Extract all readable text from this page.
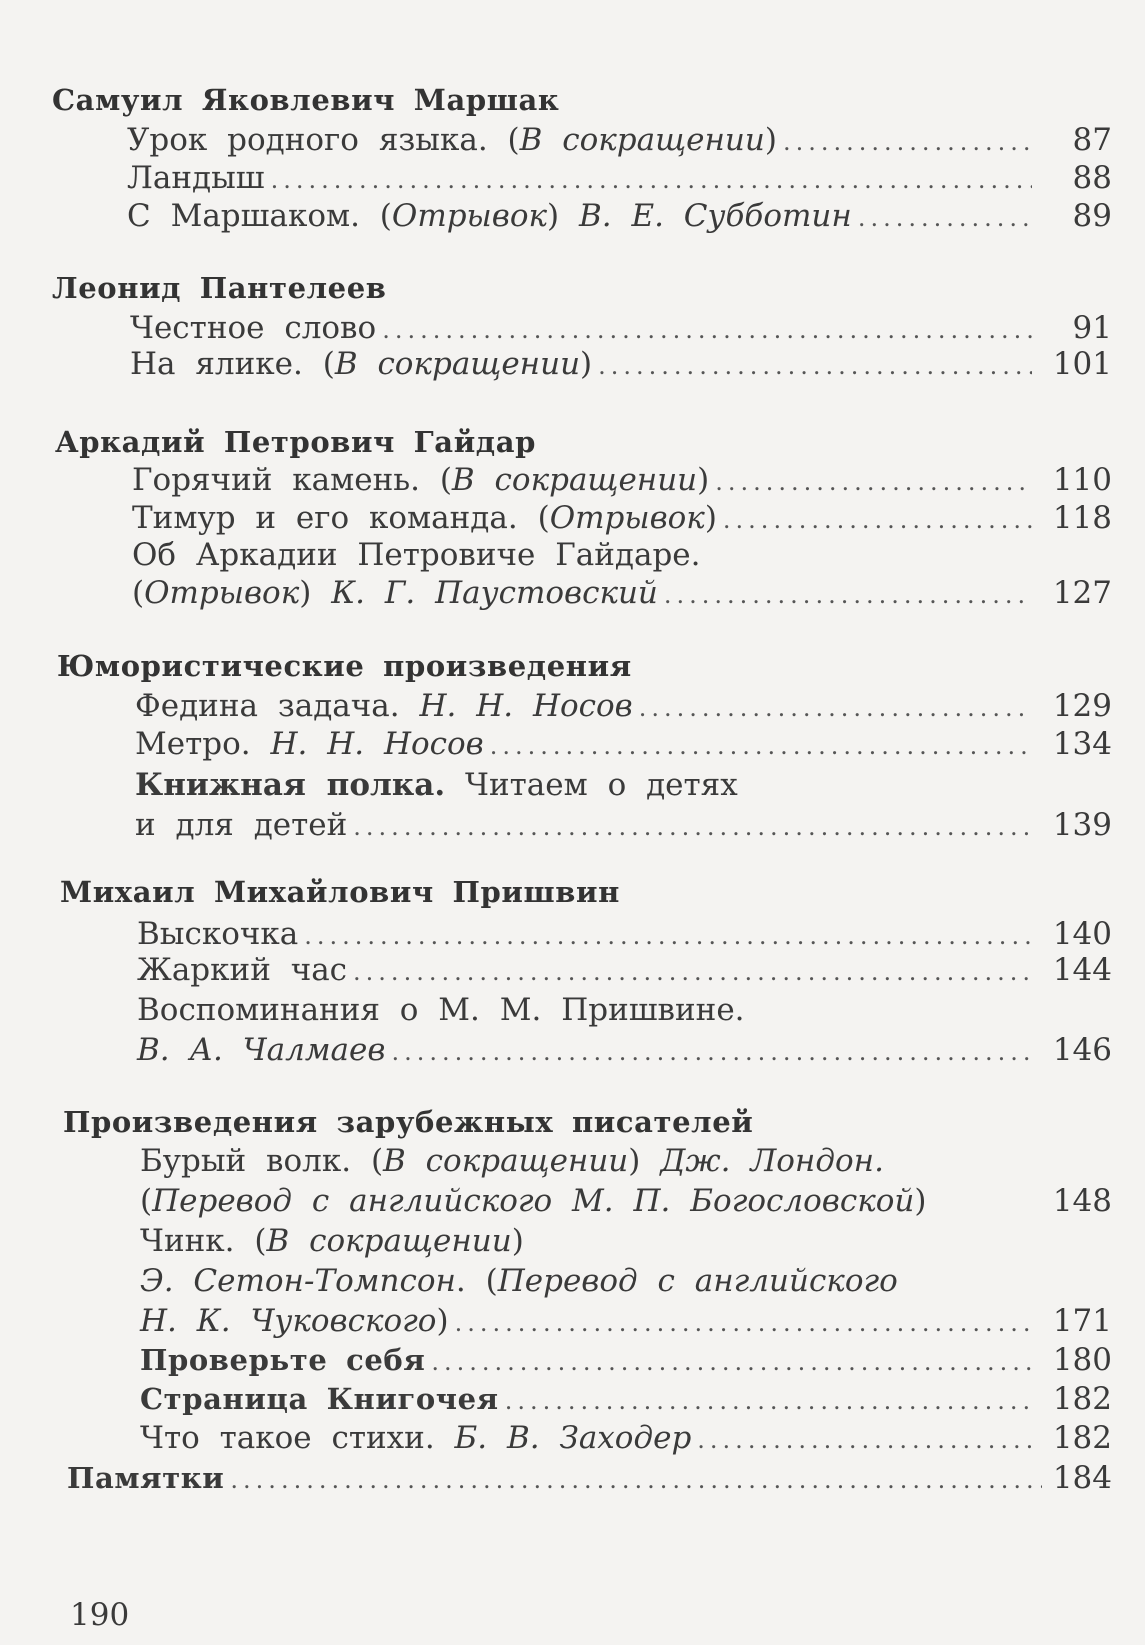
Самуил Яковлевич Маршак
Урок родного языка. (В сокращении) .....	87
Ландыш .....	88
С Маршаком. (Отрывок) В. Е. Субботин .....	89
Леонид Пантелеев
Честное слово .....	91
На ялике. (В сокращении) .....	101
Аркадий Петрович Гайдар
Горячий камень. (В сокращении) .....	110
Тимур и его команда. (Отрывок) .....	118
Об Аркадии Петровиче Гайдаре.
(Отрывок) К. Г. Паустовский .....	127
Юмористические произведения
Федина задача. Н. Н. Носов .....	129
Метро. Н. Н. Носов .....	134
Книжная полка. Читаем о детях
и для детей .....	139
Михаил Михайлович Пришвин
Выскочка .....	140
Жаркий час .....	144
Воспоминания о М. М. Пришвине.
В. А. Чалмаев .....	146
Произведения зарубежных писателей
Бурый волк. (В сокращении) Дж. Лондон.
(Перевод с английского М. П. Богословской)	148
Чинк. (В сокращении)
Э. Сетон-Томпсон. (Перевод с английского
Н. К. Чуковского) .....	171
Проверьте себя .....	180
Страница Книгочея .....	182
Что такое стихи. Б. В. Заходер .....	182
Памятки .....	184
190
